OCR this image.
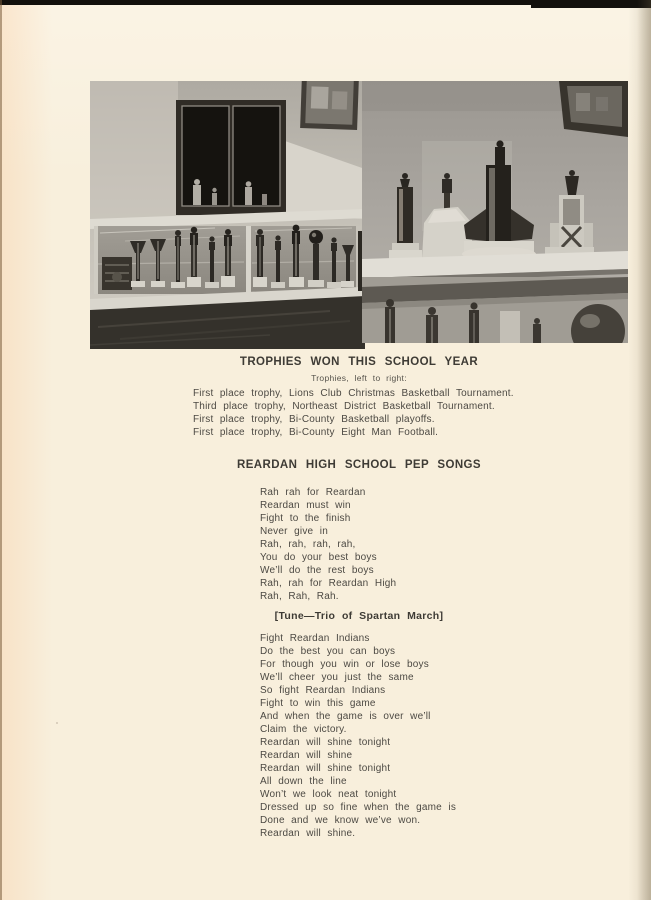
TROPHIES WON THIS SCHOOL YEAR

Trophies, left to right:

First place trophy, Lions Club Christmas Basketball Tournament.
Third place trophy, Northeast District Basketball Tournament.
First place trophy, Bi-County Basketball playoffs.
First place trophy, Bi-County Eight Man Football.
REARDAN HIGH SCHOOL PEP SONGS
Rah rah for Reardan
Reardan must win
Fight to the finish
Never give in
Rah, rah, rah, rah,
You do your best boys
We’ll do the rest boys
Rah, rah for Reardan High
Rah, Rah, Rah.

[Tune—Trio of Spartan March]

Fight Reardan Indians
Do the best you can boys
For though you win or lose boys
We’ll cheer you just the same
So fight Reardan Indians
Fight to win this game
And when the game is over we’ll
Claim the victory.
Reardan will shine tonight
Reardan will shine
Reardan will shine tonight
All down the line
Won’t we look neat tonight
Dressed up so fine when the game is
Done and we know we’ve won.
Reardan will shine.
